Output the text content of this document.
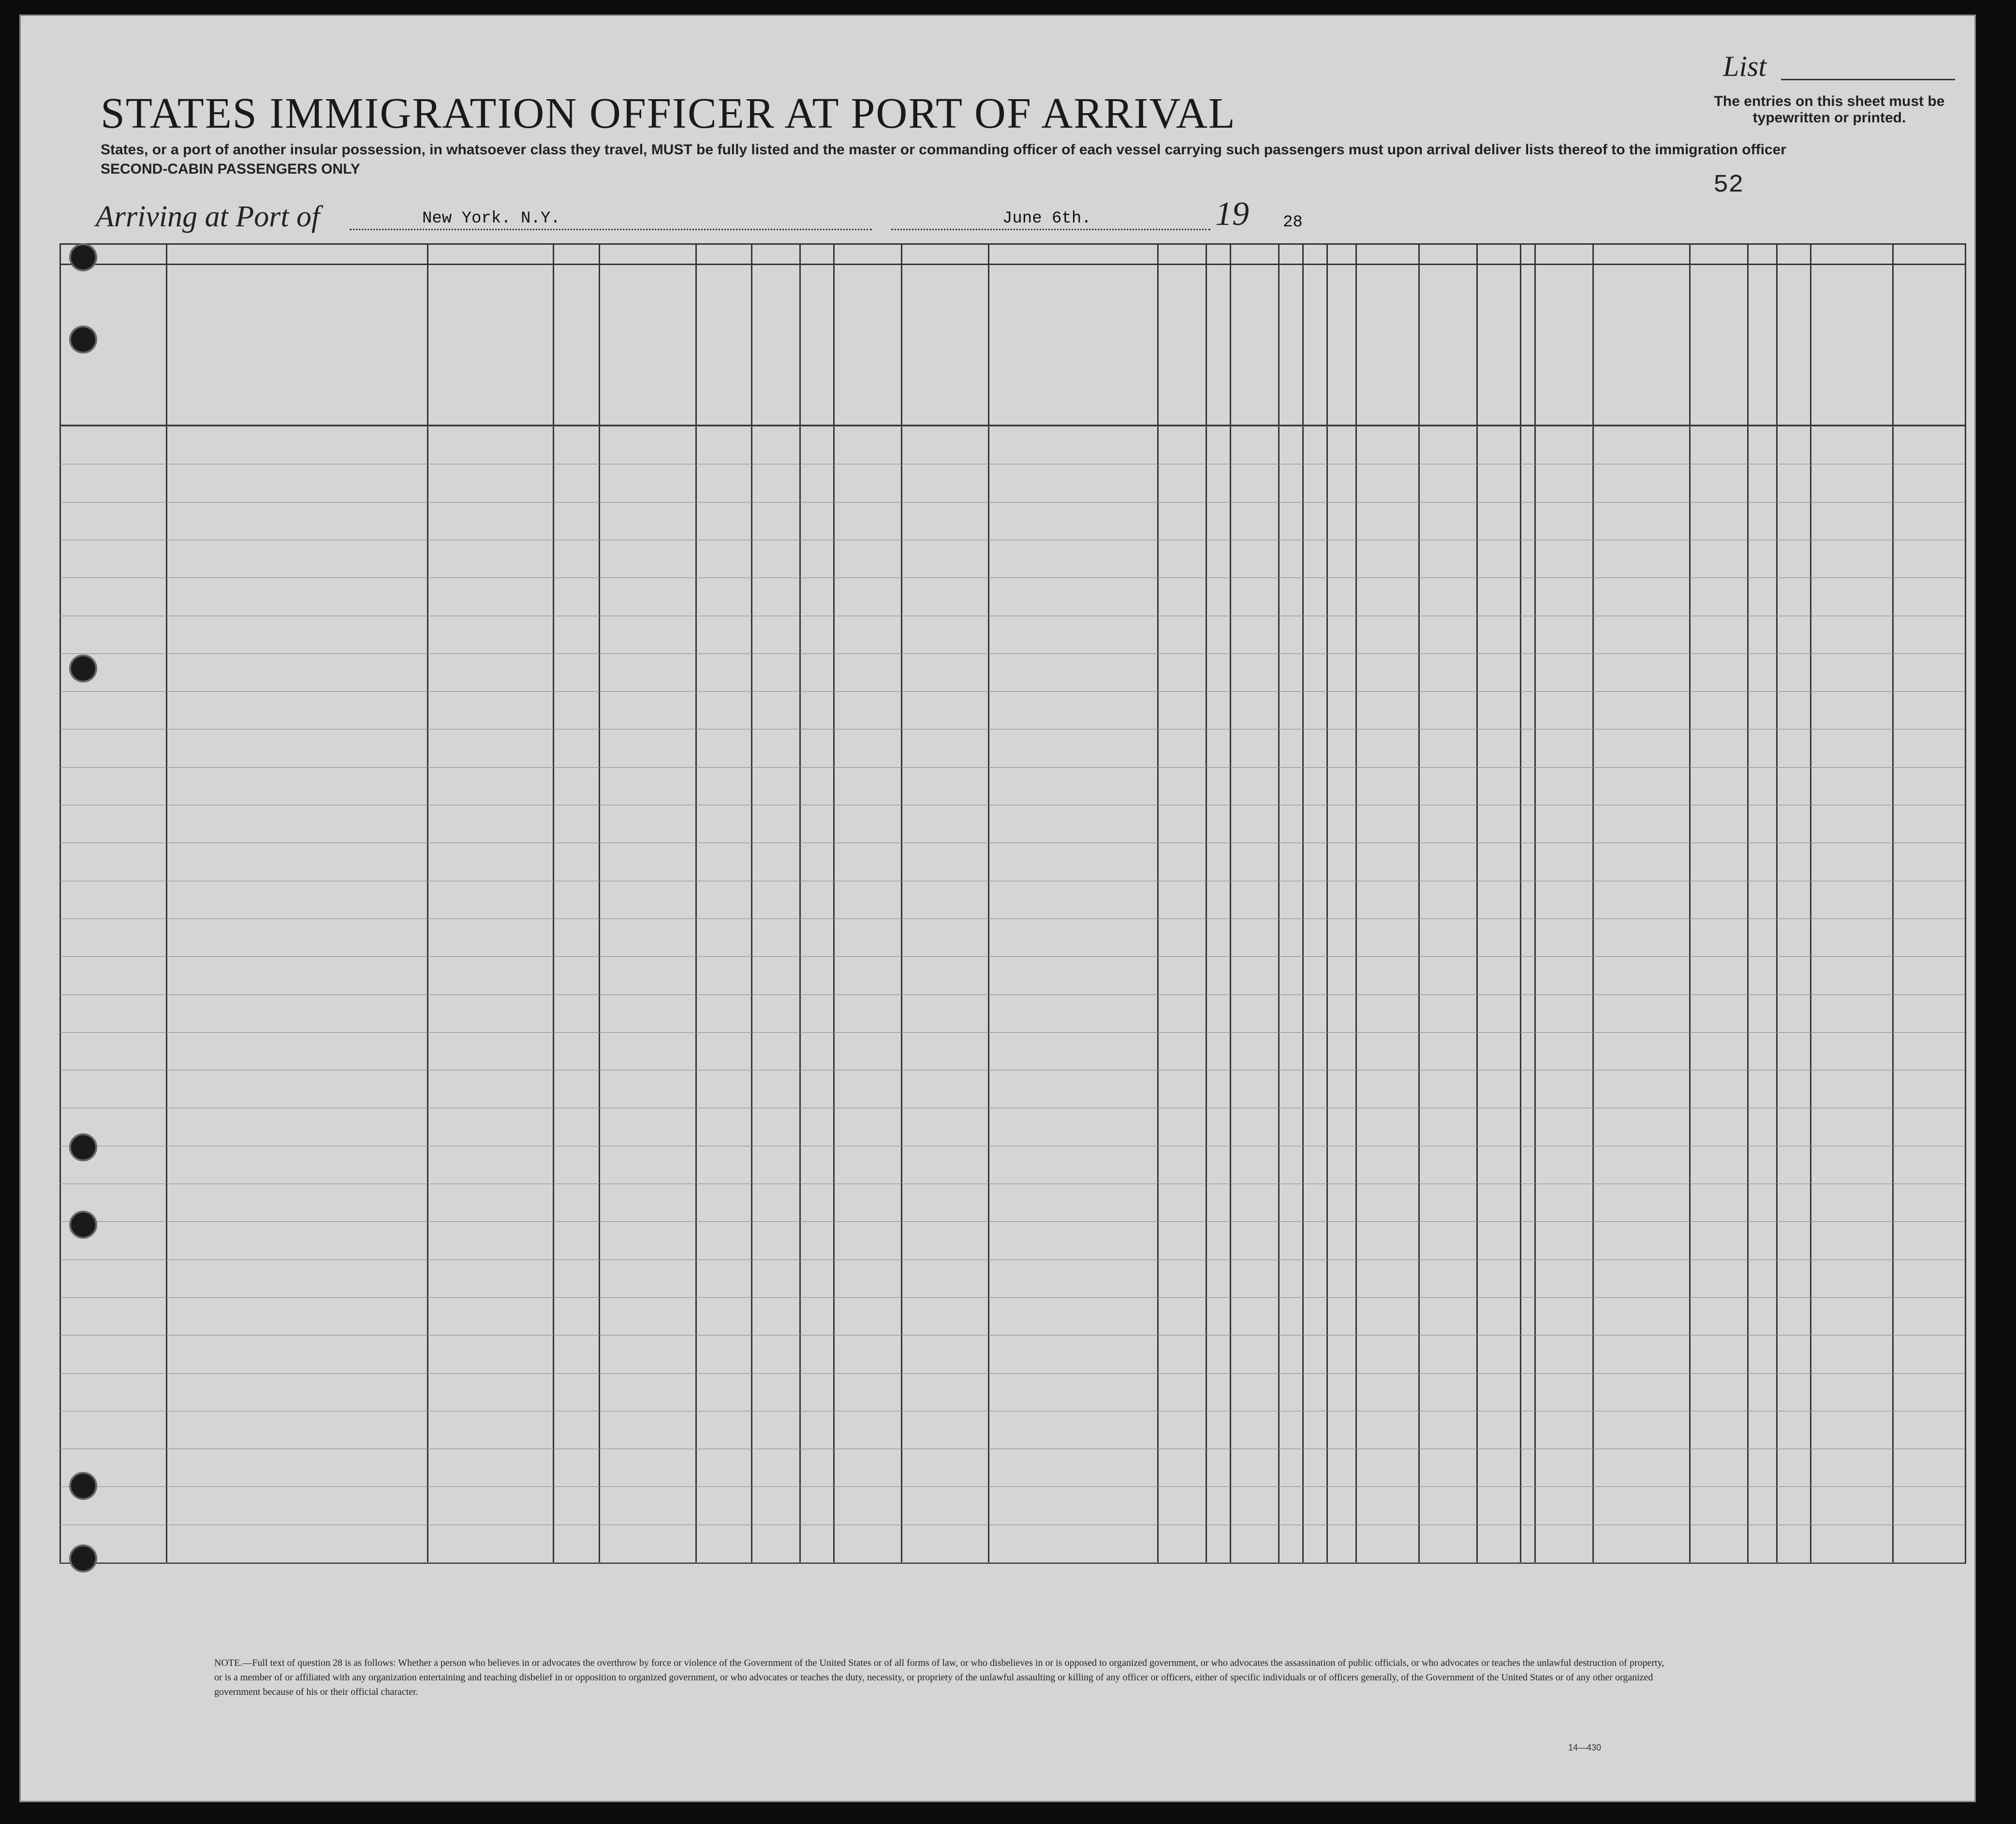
STATES IMMIGRATION OFFICER AT PORT OF ARRIVAL
States, or a port of another insular possession, in whatsoever class they travel, MUST be fully listed and the master or commanding officer of each vessel carrying such passengers must upon arrival deliver lists thereof to the immigration officer
SECOND-CABIN PASSENGERS ONLY
List
The entries on this sheet must be typewritten or printed.
52
Arriving at Port of	New York. N.Y.	June 6th.	19 28
NOTE.—Full text of question 28 is as follows: Whether a person who believes in or advocates the overthrow by force or violence of the Government of the United States or of all forms of law, or who disbelieves in or is opposed to organized government, or who advocates the assassination of public officials, or who advocates or teaches the unlawful destruction of property, or is a member of or affiliated with any organization entertaining and teaching disbelief in or opposition to organized government, or who advocates or teaches the duty, necessity, or propriety of the unlawful assaulting or killing of any officer or officers, either of specific individuals or of officers generally, of the Government of the United States or of any other organized government because of his or their official character.
14—430
